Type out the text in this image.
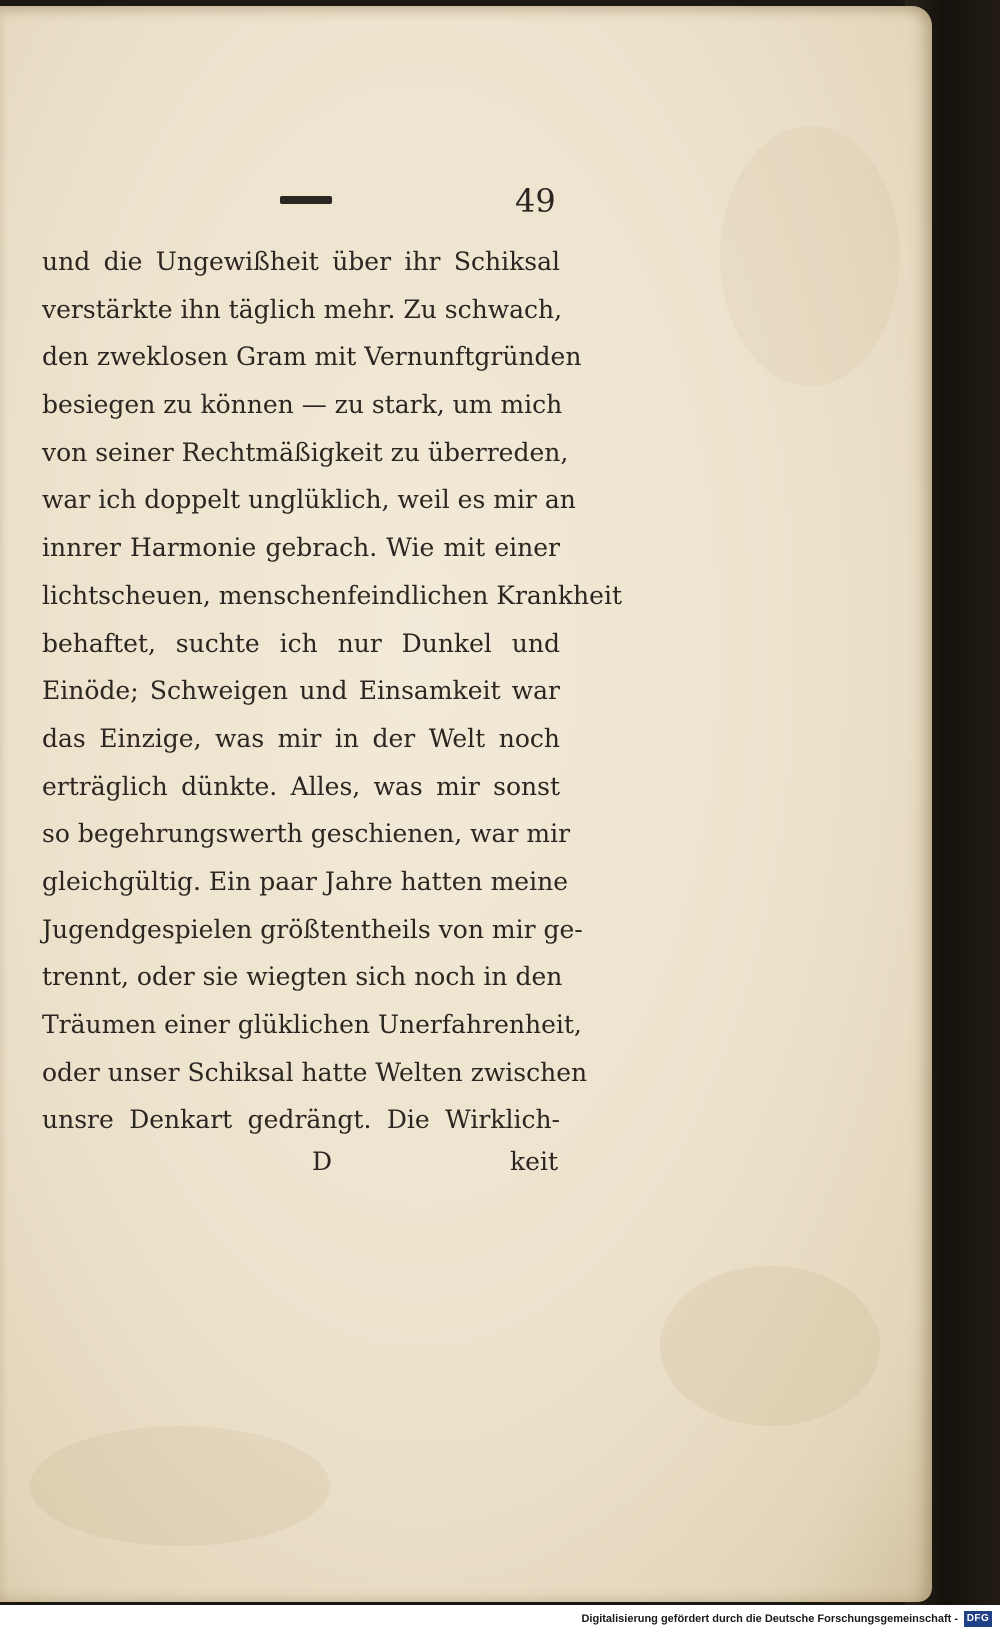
49
und die Ungewißheit über ihr Schiksal
verstärkte ihn täglich mehr. Zu schwach,
den zweklosen Gram mit Vernunftgründen
besiegen zu können — zu stark, um mich
von seiner Rechtmäßigkeit zu überreden,
war ich doppelt unglüklich, weil es mir an
innrer Harmonie gebrach. Wie mit einer
lichtscheuen, menschenfeindlichen Krankheit
behaftet, suchte ich nur Dunkel und
Einöde; Schweigen und Einsamkeit war
das Einzige, was mir in der Welt noch
erträglich dünkte. Alles, was mir sonst
so begehrungswerth geschienen, war mir
gleichgültig. Ein paar Jahre hatten meine
Jugendgespielen größtentheils von mir ge-
trennt, oder sie wiegten sich noch in den
Träumen einer glüklichen Unerfahrenheit,
oder unser Schiksal hatte Welten zwischen
unsre Denkart gedrängt. Die Wirklich-
D	keit
Digitalisierung gefördert durch die Deutsche Forschungsgemeinschaft - DFG
